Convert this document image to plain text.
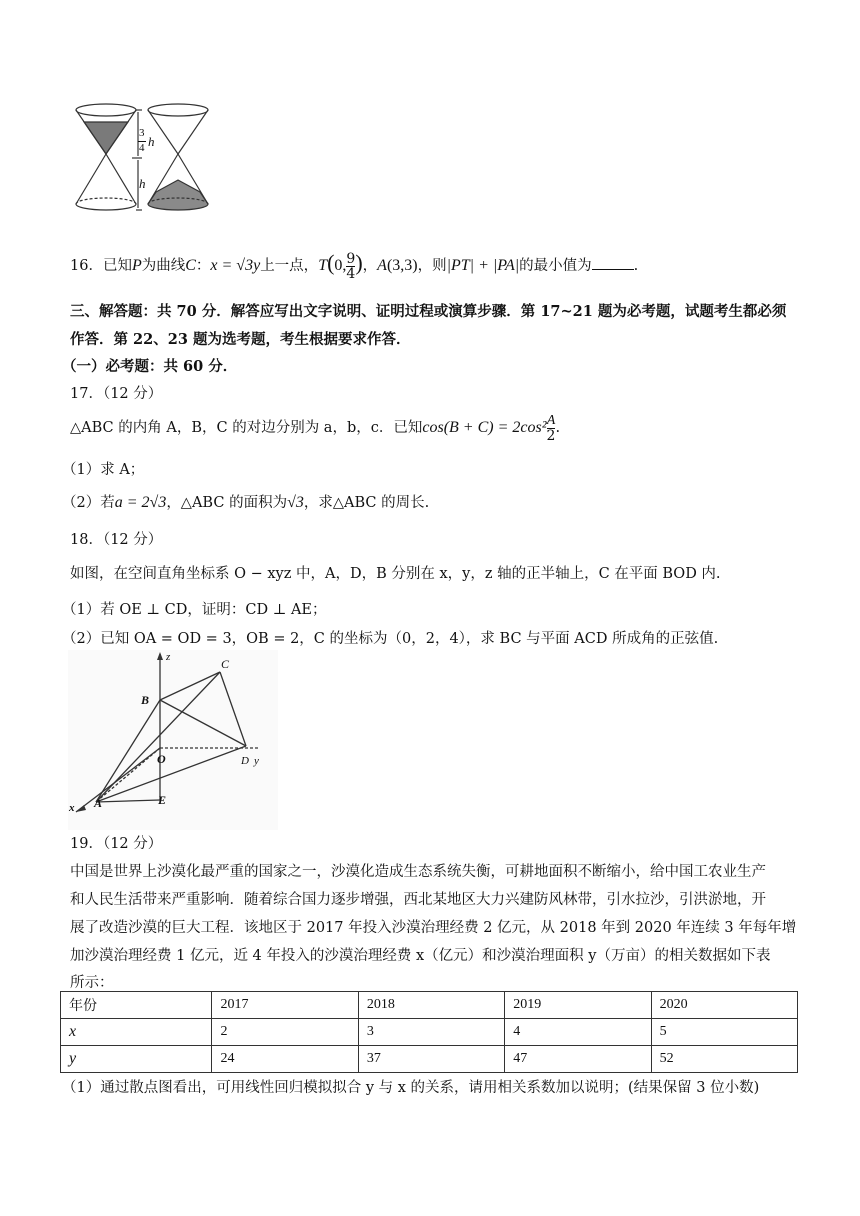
3
4 h
h
16．已知P为曲线C：x = √3y上一点，T(0, $\frac{9}{4}$ )，A(3,3)，则|PT| + |PA|的最小值为	.
三、解答题：共 70 分．解答应写出文字说明、证明过程或演算步骤．第 17~21 题为必考题，试题考生都必须
作答．第 22、23 题为选考题，考生根据要求作答．
（一）必考题：共 60 分．
17．（12 分）
△ABC 的内角 A，B，C 的对边分别为 a，b，c．已知$\cos(B + C) = 2\cos^2 \frac{A}{2}$ .
（1）求 A；
（2）若a = 2√3，△ABC 的面积为√3，求△ABC 的周长.
18．（12 分）
如图，在空间直角坐标系 O − xyz 中，A，D，B 分别在 x，y，z 轴的正半轴上，C 在平面 BOD 内.
（1）若 OE ⊥ CD，证明：CD ⊥ AE；
（2）已知 OA = OD = 3，OB = 2，C 的坐标为（0，2，4），求 BC 与平面 ACD 所成角的正弦值.
z	C
B
O	D y
x A	E
19．（12 分）
中国是世界上沙漠化最严重的国家之一，沙漠化造成生态系统失衡，可耕地面积不断缩小，给中国工农业生产
和人民生活带来严重影响．随着综合国力逐步增强，西北某地区大力兴建防风林带，引水拉沙，引洪淤地，开
展了改造沙漠的巨大工程．该地区于 2017 年投入沙漠治理经费 2 亿元，从 2018 年到 2020 年连续 3 年每年增
加沙漠治理经费 1 亿元，近 4 年投入的沙漠治理经费 x（亿元）和沙漠治理面积 y（万亩）的相关数据如下表
所示：
年份	2017	2018	2019	2020
x	2	3	4	5
y	24	37	47	52
（1）通过散点图看出，可用线性回归模拟拟合 y 与 x 的关系，请用相关系数加以说明；(结果保留 3 位小数)
